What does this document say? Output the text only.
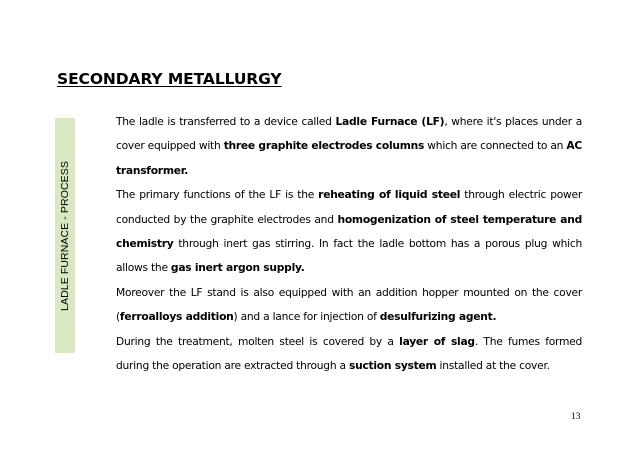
SECONDARY METALLURGY
LADLE FURNACE - PROCESS

The ladle is transferred to a device called Ladle Furnace (LF), where it's places under a cover equipped with three graphite electrodes columns which are connected to an AC transformer.

The primary functions of the LF is the reheating of liquid steel through electric power conducted by the graphite electrodes and homogenization of steel temperature and chemistry through inert gas stirring. In fact the ladle bottom has a porous plug which allows the gas inert argon supply.

Moreover the LF stand is also equipped with an addition hopper mounted on the cover (ferroalloys addition) and a lance for injection of desulfurizing agent.

During the treatment, molten steel is covered by a layer of slag. The fumes formed during the operation are extracted through a suction system installed at the cover.

13
